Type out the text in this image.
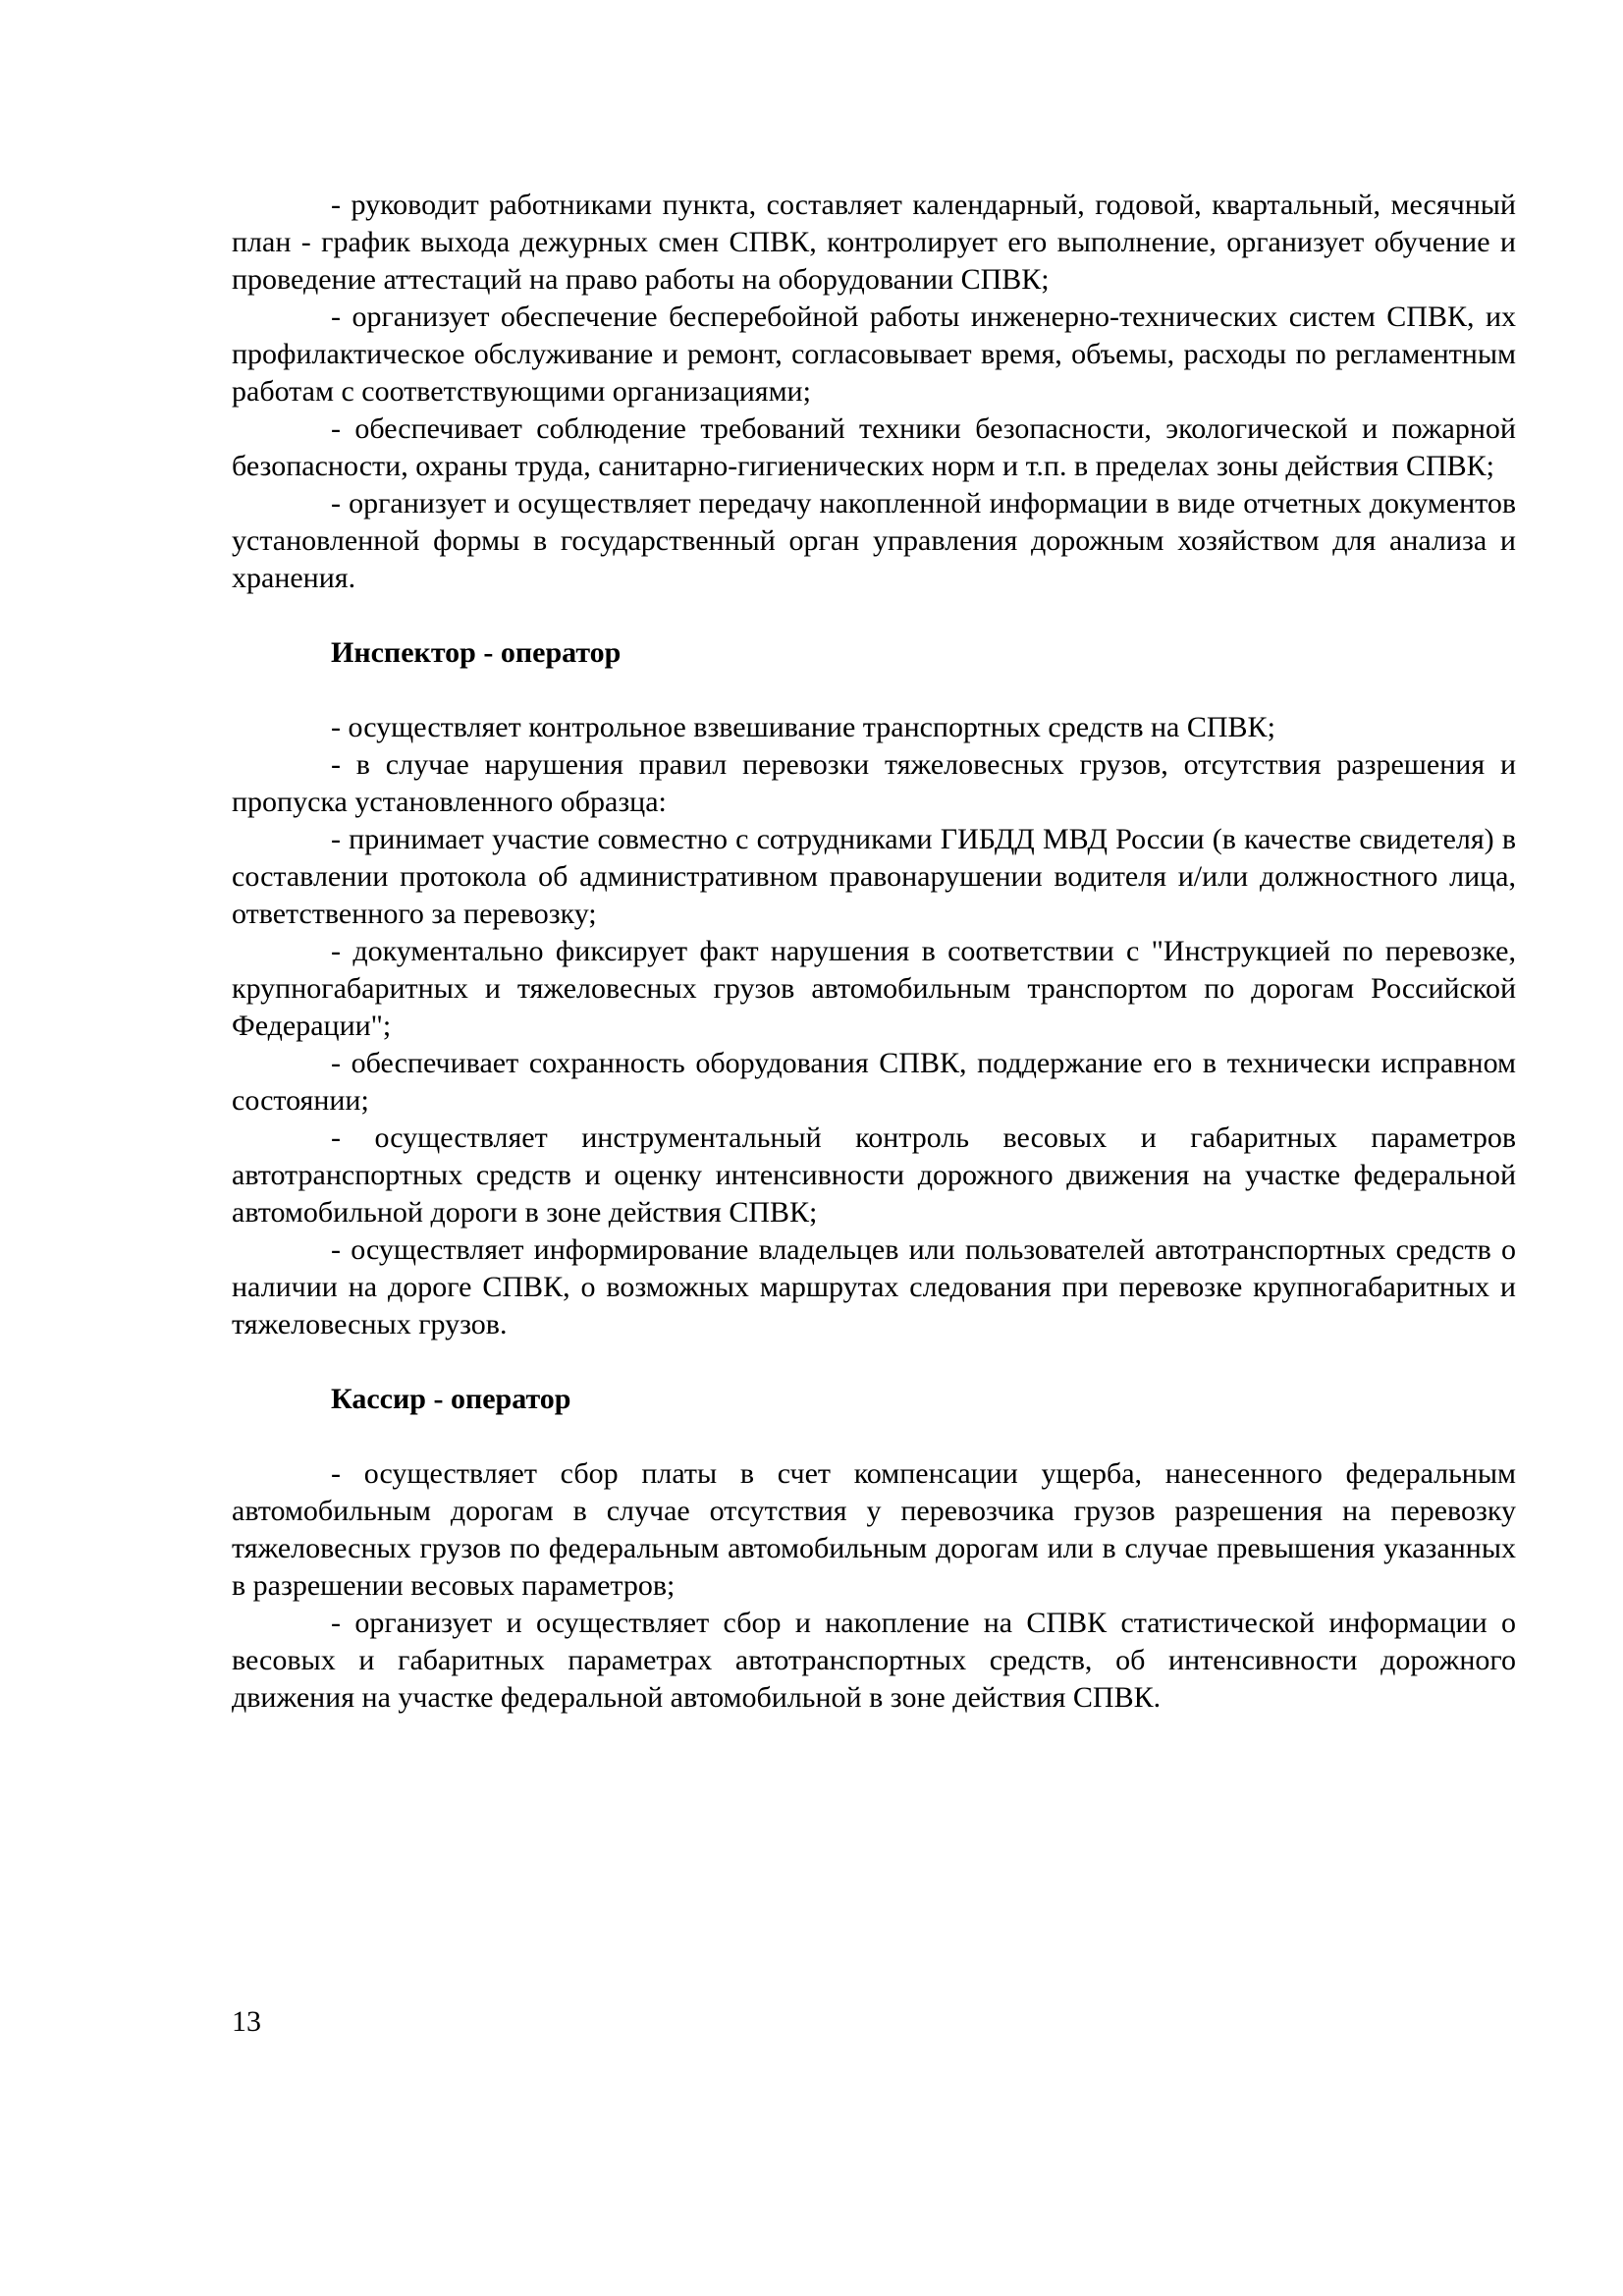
- руководит работниками пункта, составляет календарный, годовой, квартальный, месячный план - график выхода дежурных смен СПВК, контролирует его выполнение, организует обучение и проведение аттестаций на право работы на оборудовании СПВК;

- организует обеспечение бесперебойной работы инженерно-технических систем СПВК, их профилактическое обслуживание и ремонт, согласовывает время, объемы, расходы по регламентным работам с соответствующими организациями;

- обеспечивает соблюдение требований техники безопасности, экологической и пожарной безопасности, охраны труда, санитарно-гигиенических норм и т.п. в пределах зоны действия СПВК;

- организует и осуществляет передачу накопленной информации в виде отчетных документов установленной формы в государственный орган управления дорожным хозяйством для анализа и хранения.

Инспектор - оператор

- осуществляет контрольное взвешивание транспортных средств на СПВК;

- в случае нарушения правил перевозки тяжеловесных грузов, отсутствия разрешения и пропуска установленного образца:

- принимает участие совместно с сотрудниками ГИБДД МВД России (в качестве свидетеля) в составлении протокола об административном правонарушении водителя и/или должностного лица, ответственного за перевозку;

- документально фиксирует факт нарушения в соответствии с "Инструкцией по перевозке, крупногабаритных и тяжеловесных грузов автомобильным транспортом по дорогам Российской Федерации";

- обеспечивает сохранность оборудования СПВК, поддержание его в технически исправном состоянии;

- осуществляет инструментальный контроль весовых и габаритных параметров автотранспортных средств и оценку интенсивности дорожного движения на участке федеральной автомобильной дороги в зоне действия СПВК;

- осуществляет информирование владельцев или пользователей автотранспортных средств о наличии на дороге СПВК, о возможных маршрутах следования при перевозке крупногабаритных и тяжеловесных грузов.

Кассир - оператор

- осуществляет сбор платы в счет компенсации ущерба, нанесенного федеральным автомобильным дорогам в случае отсутствия у перевозчика грузов разрешения на перевозку тяжеловесных грузов по федеральным автомобильным дорогам или в случае превышения указанных в разрешении весовых параметров;

- организует и осуществляет сбор и накопление на СПВК статистической информации о весовых и габаритных параметрах автотранспортных средств, об интенсивности дорожного движения на участке федеральной автомобильной в зоне действия СПВК.

13
